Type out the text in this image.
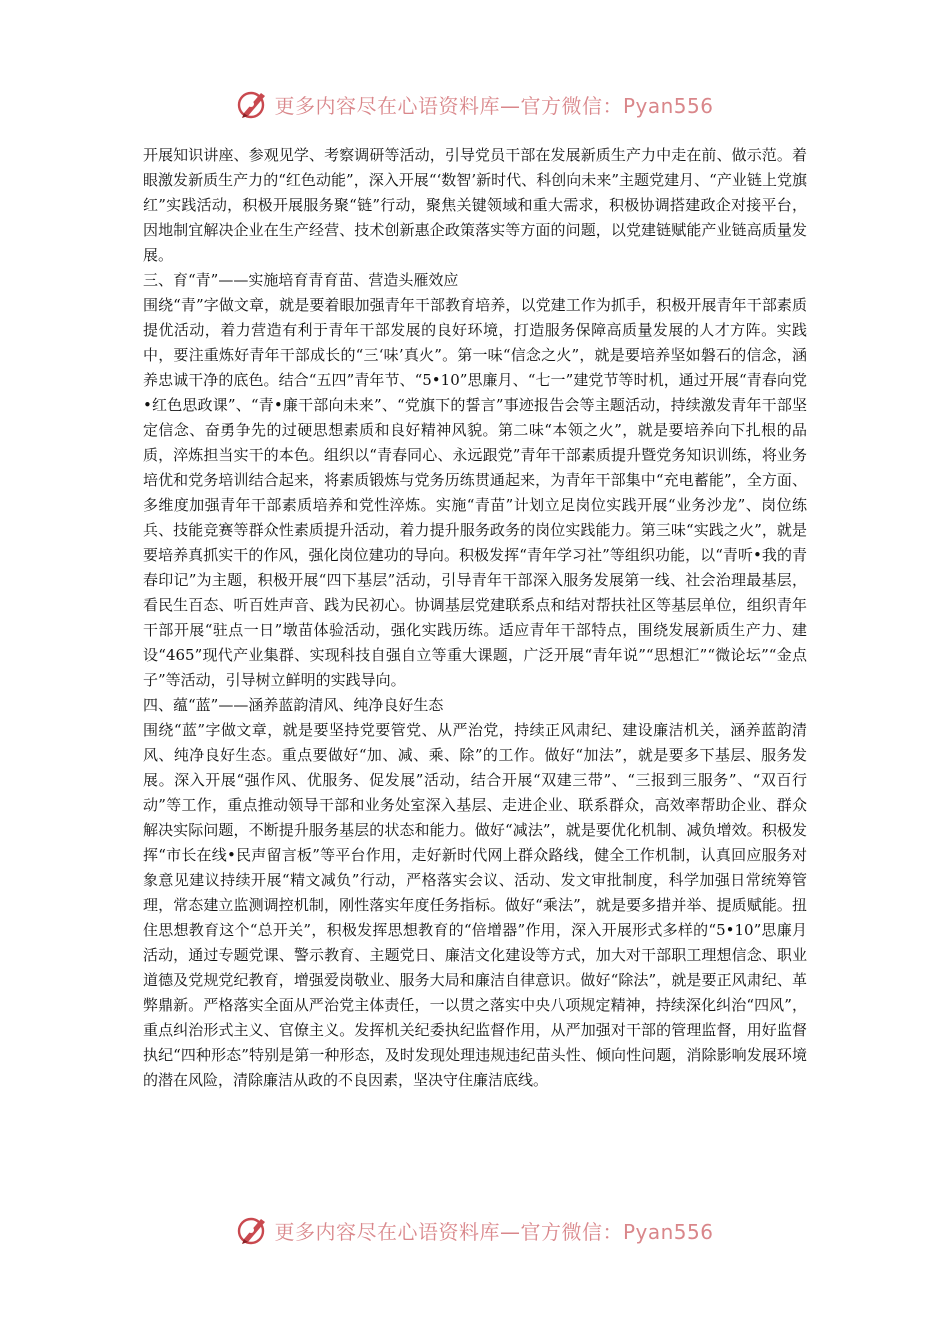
更多内容尽在心语资料库—官方微信：Pyan556

开展知识讲座、参观见学、考察调研等活动，引导党员干部在发展新质生产力中走在前、做示范。着眼激发新质生产力的“红色动能”，深入开展“‘数智’新时代、科创向未来”主题党建月、“产业链上党旗红”实践活动，积极开展服务聚“链”行动，聚焦关键领域和重大需求，积极协调搭建政企对接平台，因地制宜解决企业在生产经营、技术创新惠企政策落实等方面的问题，以党建链赋能产业链高质量发展。

三、育“青”——实施培育青育苗、营造头雁效应

围绕“青”字做文章，就是要着眼加强青年干部教育培养，以党建工作为抓手，积极开展青年干部素质提优活动，着力营造有利于青年干部发展的良好环境，打造服务保障高质量发展的人才方阵。实践中，要注重炼好青年干部成长的“三‘味’真火”。第一味“信念之火”，就是要培养坚如磐石的信念，涵养忠诚干净的底色。结合“五四”青年节、“5•10”思廉月、“七一”建党节等时机，通过开展“青春向党•红色思政课”、“青•廉干部向未来”、“党旗下的誓言”事迹报告会等主题活动，持续激发青年干部坚定信念、奋勇争先的过硬思想素质和良好精神风貌。第二味“本领之火”，就是要培养向下扎根的品质，淬炼担当实干的本色。组织以“青春同心、永远跟党”青年干部素质提升暨党务知识训练，将业务培优和党务培训结合起来，将素质锻炼与党务历练贯通起来，为青年干部集中“充电蓄能”，全方面、多维度加强青年干部素质培养和党性淬炼。实施“青苗”计划立足岗位实践开展“业务沙龙”、岗位练兵、技能竞赛等群众性素质提升活动，着力提升服务政务的岗位实践能力。第三味“实践之火”，就是要培养真抓实干的作风，强化岗位建功的导向。积极发挥“青年学习社”等组织功能，以“青听•我的青春印记”为主题，积极开展“四下基层”活动，引导青年干部深入服务发展第一线、社会治理最基层，看民生百态、听百姓声音、践为民初心。协调基层党建联系点和结对帮扶社区等基层单位，组织青年干部开展“驻点一日”墩苗体验活动，强化实践历练。适应青年干部特点，围绕发展新质生产力、建设“465”现代产业集群、实现科技自强自立等重大课题，广泛开展“青年说”“思想汇”“微论坛”“金点子”等活动，引导树立鲜明的实践导向。

四、蕴“蓝”——涵养蓝韵清风、纯净良好生态

围绕“蓝”字做文章，就是要坚持党要管党、从严治党，持续正风肃纪、建设廉洁机关，涵养蓝韵清风、纯净良好生态。重点要做好“加、减、乘、除”的工作。做好“加法”，就是要多下基层、服务发展。深入开展“强作风、优服务、促发展”活动，结合开展“双建三带”、“三报到三服务”、“双百行动”等工作，重点推动领导干部和业务处室深入基层、走进企业、联系群众，高效率帮助企业、群众解决实际问题，不断提升服务基层的状态和能力。做好“减法”，就是要优化机制、减负增效。积极发挥“市长在线•民声留言板”等平台作用，走好新时代网上群众路线，健全工作机制，认真回应服务对象意见建议持续开展“精文减负”行动，严格落实会议、活动、发文审批制度，科学加强日常统筹管理，常态建立监测调控机制，刚性落实年度任务指标。做好“乘法”，就是要多措并举、提质赋能。扭住思想教育这个“总开关”，积极发挥思想教育的“倍增器”作用，深入开展形式多样的“5•10”思廉月活动，通过专题党课、警示教育、主题党日、廉洁文化建设等方式，加大对干部职工理想信念、职业道德及党规党纪教育，增强爱岗敬业、服务大局和廉洁自律意识。做好“除法”，就是要正风肃纪、革弊鼎新。严格落实全面从严治党主体责任，一以贯之落实中央八项规定精神，持续深化纠治“四风”，重点纠治形式主义、官僚主义。发挥机关纪委执纪监督作用，从严加强对干部的管理监督，用好监督执纪“四种形态”特别是第一种形态，及时发现处理违规违纪苗头性、倾向性问题，消除影响发展环境的潜在风险，清除廉洁从政的不良因素，坚决守住廉洁底线。

更多内容尽在心语资料库—官方微信：Pyan556
